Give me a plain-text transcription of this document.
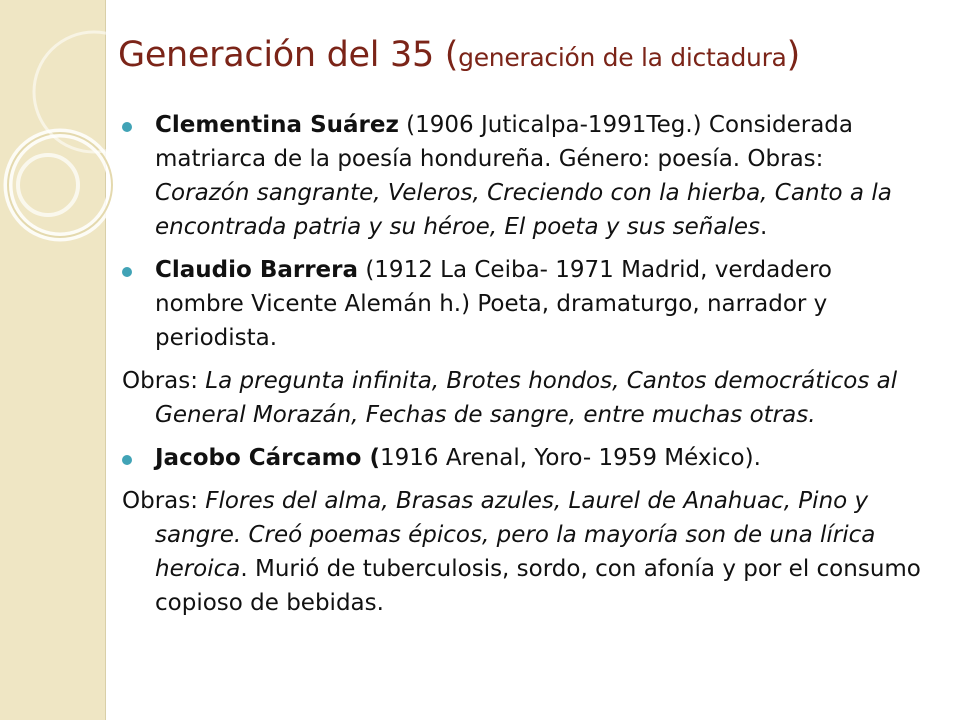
Generación del 35 (generación de la dictadura)

Clementina Suárez (1906 Juticalpa-1991Teg.) Considerada matriarca de la poesía hondureña. Género: poesía. Obras: Corazón sangrante, Veleros, Creciendo con la hierba, Canto a la encontrada patria y su héroe, El poeta y sus señales.

Claudio Barrera (1912 La Ceiba- 1971 Madrid, verdadero nombre Vicente Alemán h.) Poeta, dramaturgo, narrador y periodista.

Obras: La pregunta infinita, Brotes hondos, Cantos democráticos al General Morazán, Fechas de sangre, entre muchas otras.

Jacobo Cárcamo (1916 Arenal, Yoro- 1959 México).

Obras: Flores del alma, Brasas azules, Laurel de Anahuac, Pino y sangre. Creó poemas épicos, pero la mayoría son de una lírica heroica. Murió de tuberculosis, sordo, con afonía y por el consumo copioso de bebidas.
